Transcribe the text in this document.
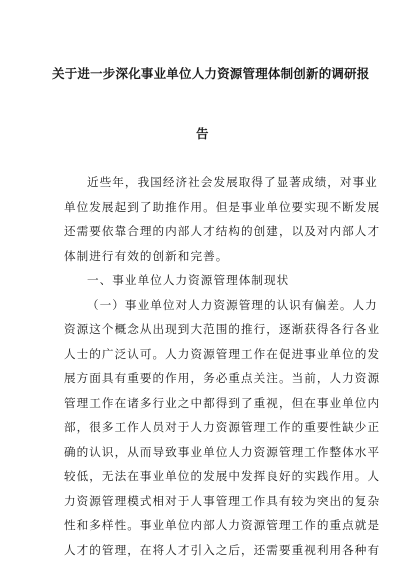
关于进一步深化事业单位人力资源管理体制创新的调研报
告
近些年，我国经济社会发展取得了显著成绩，对事业
单位发展起到了助推作用。但是事业单位要实现不断发展
还需要依靠合理的内部人才结构的创建，以及对内部人才
体制进行有效的创新和完善。
一、事业单位人力资源管理体制现状
（一）事业单位对人力资源管理的认识有偏差。人力
资源这个概念从出现到大范围的推行，逐渐获得各行各业
人士的广泛认可。人力资源管理工作在促进事业单位的发
展方面具有重要的作用，务必重点关注。当前，人力资源
管理工作在诸多行业之中都得到了重视，但在事业单位内
部，很多工作人员对于人力资源管理工作的重要性缺少正
确的认识，从而导致事业单位人力资源管理工作整体水平
较低，无法在事业单位的发展中发挥良好的实践作用。人
力资源管理模式相对于人事管理工作具有较为突出的复杂
性和多样性。事业单位内部人力资源管理工作的重点就是
人才的管理，在将人才引入之后，还需要重视利用各种有
